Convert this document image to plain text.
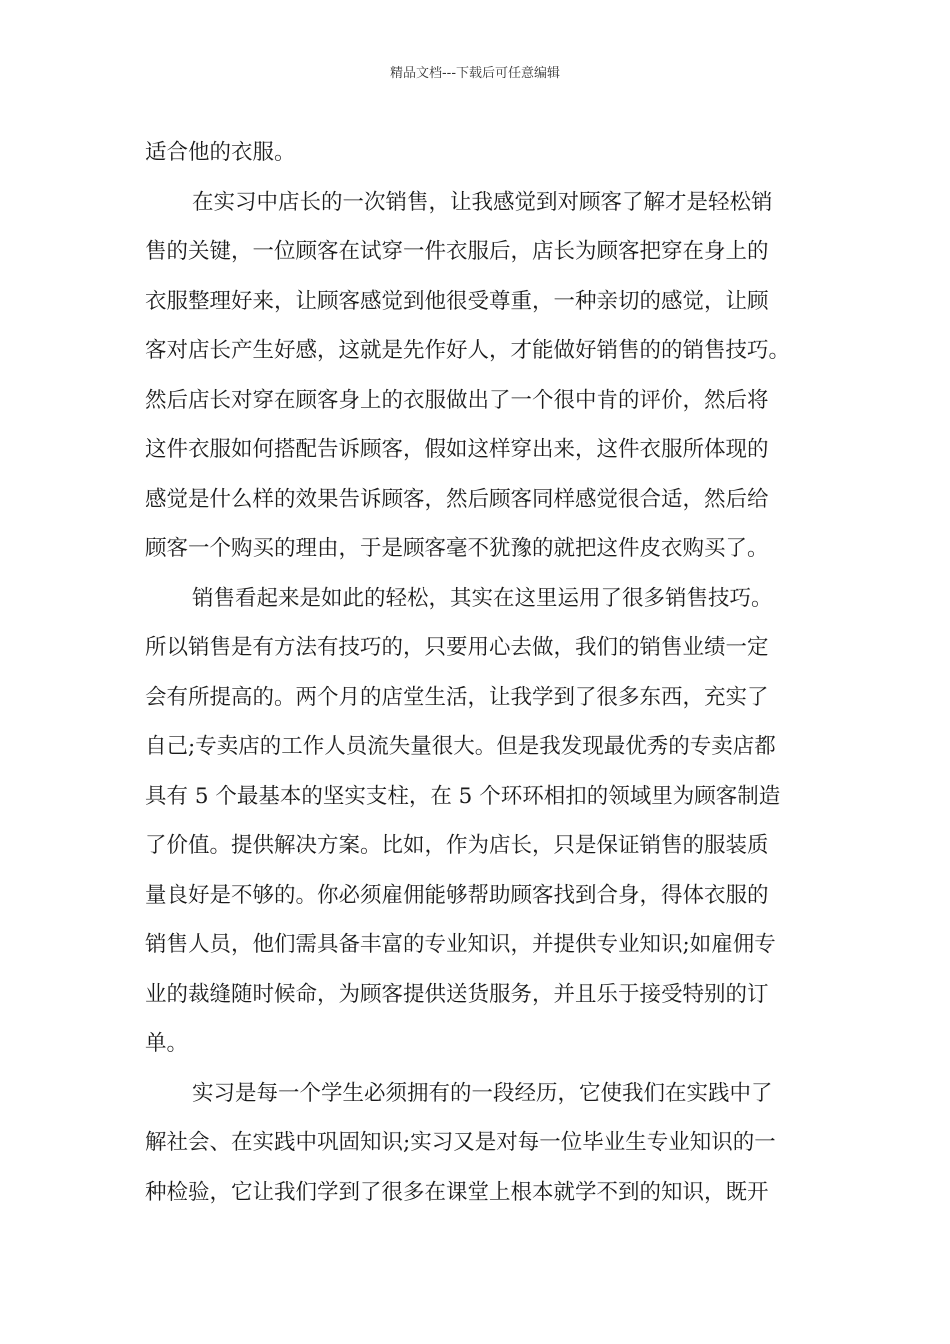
精品文档---下载后可任意编辑
适合他的衣服。
在实习中店长的一次销售，让我感觉到对顾客了解才是轻松销
售的关键，一位顾客在试穿一件衣服后，店长为顾客把穿在身上的
衣服整理好来，让顾客感觉到他很受尊重，一种亲切的感觉，让顾
客对店长产生好感，这就是先作好人，才能做好销售的的销售技巧。
然后店长对穿在顾客身上的衣服做出了一个很中肯的评价，然后将
这件衣服如何搭配告诉顾客，假如这样穿出来，这件衣服所体现的
感觉是什么样的效果告诉顾客，然后顾客同样感觉很合适，然后给
顾客一个购买的理由，于是顾客毫不犹豫的就把这件皮衣购买了。
销售看起来是如此的轻松，其实在这里运用了很多销售技巧。
所以销售是有方法有技巧的，只要用心去做，我们的销售业绩一定
会有所提高的。两个月的店堂生活，让我学到了很多东西，充实了
自己;专卖店的工作人员流失量很大。但是我发现最优秀的专卖店都
具有 5 个最基本的坚实支柱，在 5 个环环相扣的领域里为顾客制造
了价值。提供解决方案。比如，作为店长，只是保证销售的服装质
量良好是不够的。你必须雇佣能够帮助顾客找到合身，得体衣服的
销售人员，他们需具备丰富的专业知识，并提供专业知识;如雇佣专
业的裁缝随时候命，为顾客提供送货服务，并且乐于接受特别的订
单。
实习是每一个学生必须拥有的一段经历，它使我们在实践中了
解社会、在实践中巩固知识;实习又是对每一位毕业生专业知识的一
种检验，它让我们学到了很多在课堂上根本就学不到的知识，既开
